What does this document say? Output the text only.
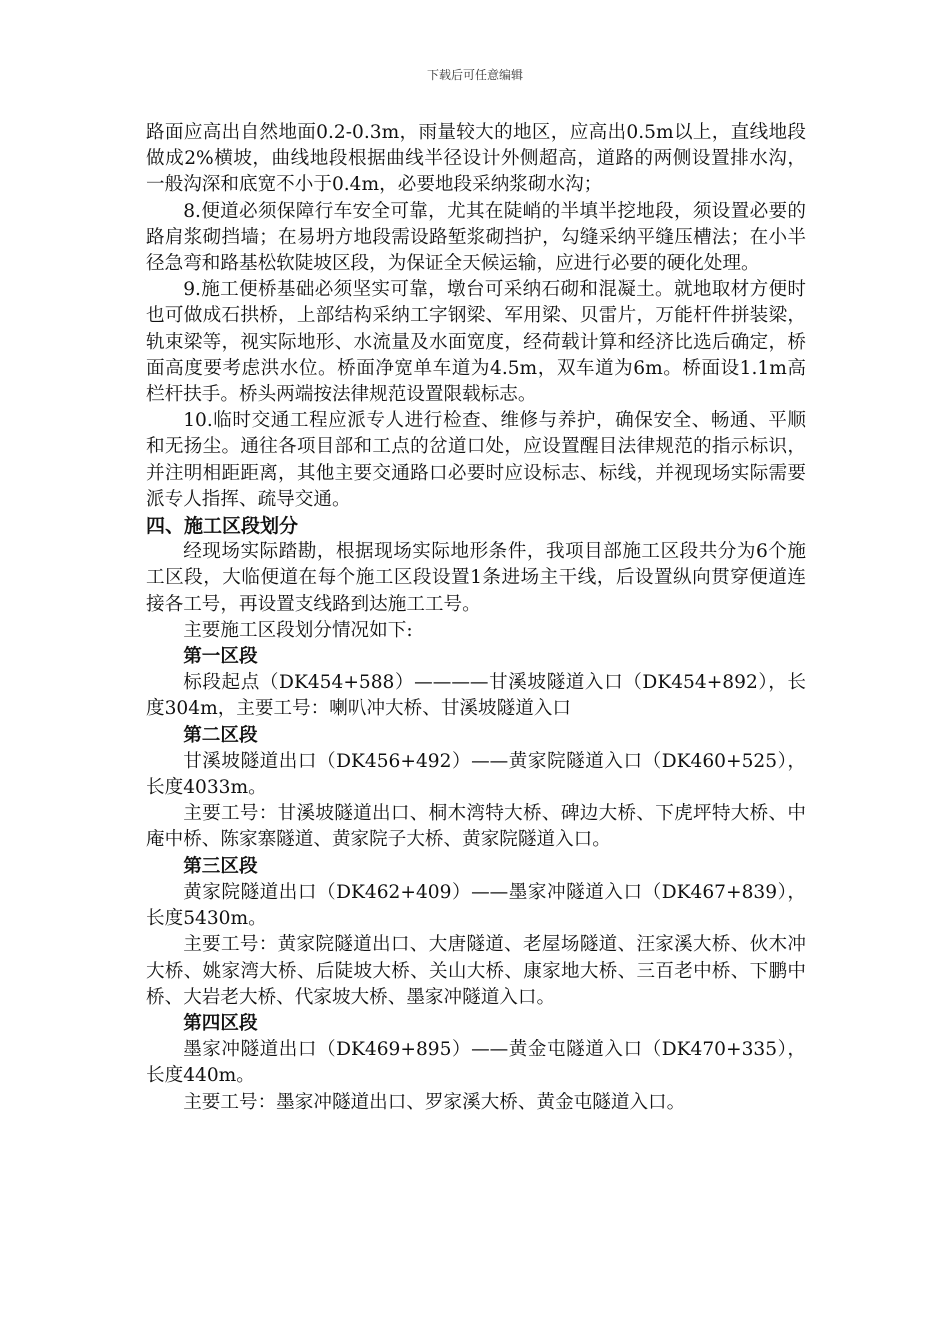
下载后可任意编辑

路面应高出自然地面0.2-0.3m，雨量较大的地区，应高出0.5m以上，直线地段做成2%横坡，曲线地段根据曲线半径设计外侧超高，道路的两侧设置排水沟，一般沟深和底宽不小于0.4m，必要地段采纳浆砌水沟；

8.便道必须保障行车安全可靠，尤其在陡峭的半填半挖地段，须设置必要的路肩浆砌挡墙；在易坍方地段需设路堑浆砌挡护，勾缝采纳平缝压槽法；在小半径急弯和路基松软陡坡区段，为保证全天候运输，应进行必要的硬化处理。

9.施工便桥基础必须坚实可靠，墩台可采纳石砌和混凝土。就地取材方便时也可做成石拱桥，上部结构采纳工字钢梁、军用梁、贝雷片，万能杆件拼装梁，轨束梁等，视实际地形、水流量及水面宽度，经荷载计算和经济比选后确定，桥面高度要考虑洪水位。桥面净宽单车道为4.5m，双车道为6m。桥面设1.1m高栏杆扶手。桥头两端按法律规范设置限载标志。

10.临时交通工程应派专人进行检查、维修与养护，确保安全、畅通、平顺和无扬尘。通往各项目部和工点的岔道口处，应设置醒目法律规范的指示标识，并注明相距距离，其他主要交通路口必要时应设标志、标线，并视现场实际需要派专人指挥、疏导交通。

四、施工区段划分

经现场实际踏勘，根据现场实际地形条件，我项目部施工区段共分为6个施工区段，大临便道在每个施工区段设置1条进场主干线，后设置纵向贯穿便道连接各工号，再设置支线路到达施工工号。

主要施工区段划分情况如下:

第一区段

标段起点（DK454+588）————甘溪坡隧道入口（DK454+892），长度304m，主要工号：喇叭冲大桥、甘溪坡隧道入口

第二区段

甘溪坡隧道出口（DK456+492）——黄家院隧道入口（DK460+525），长度4033m。

主要工号：甘溪坡隧道出口、桐木湾特大桥、碑边大桥、下虎坪特大桥、中庵中桥、陈家寨隧道、黄家院子大桥、黄家院隧道入口。

第三区段

黄家院隧道出口（DK462+409）——墨家冲隧道入口（DK467+839），长度5430m。

主要工号：黄家院隧道出口、大唐隧道、老屋场隧道、汪家溪大桥、伙木冲大桥、姚家湾大桥、后陡坡大桥、关山大桥、康家地大桥、三百老中桥、下鹏中桥、大岩老大桥、代家坡大桥、墨家冲隧道入口。

第四区段

墨家冲隧道出口（DK469+895）——黄金屯隧道入口（DK470+335），长度440m。

主要工号：墨家冲隧道出口、罗家溪大桥、黄金屯隧道入口。
